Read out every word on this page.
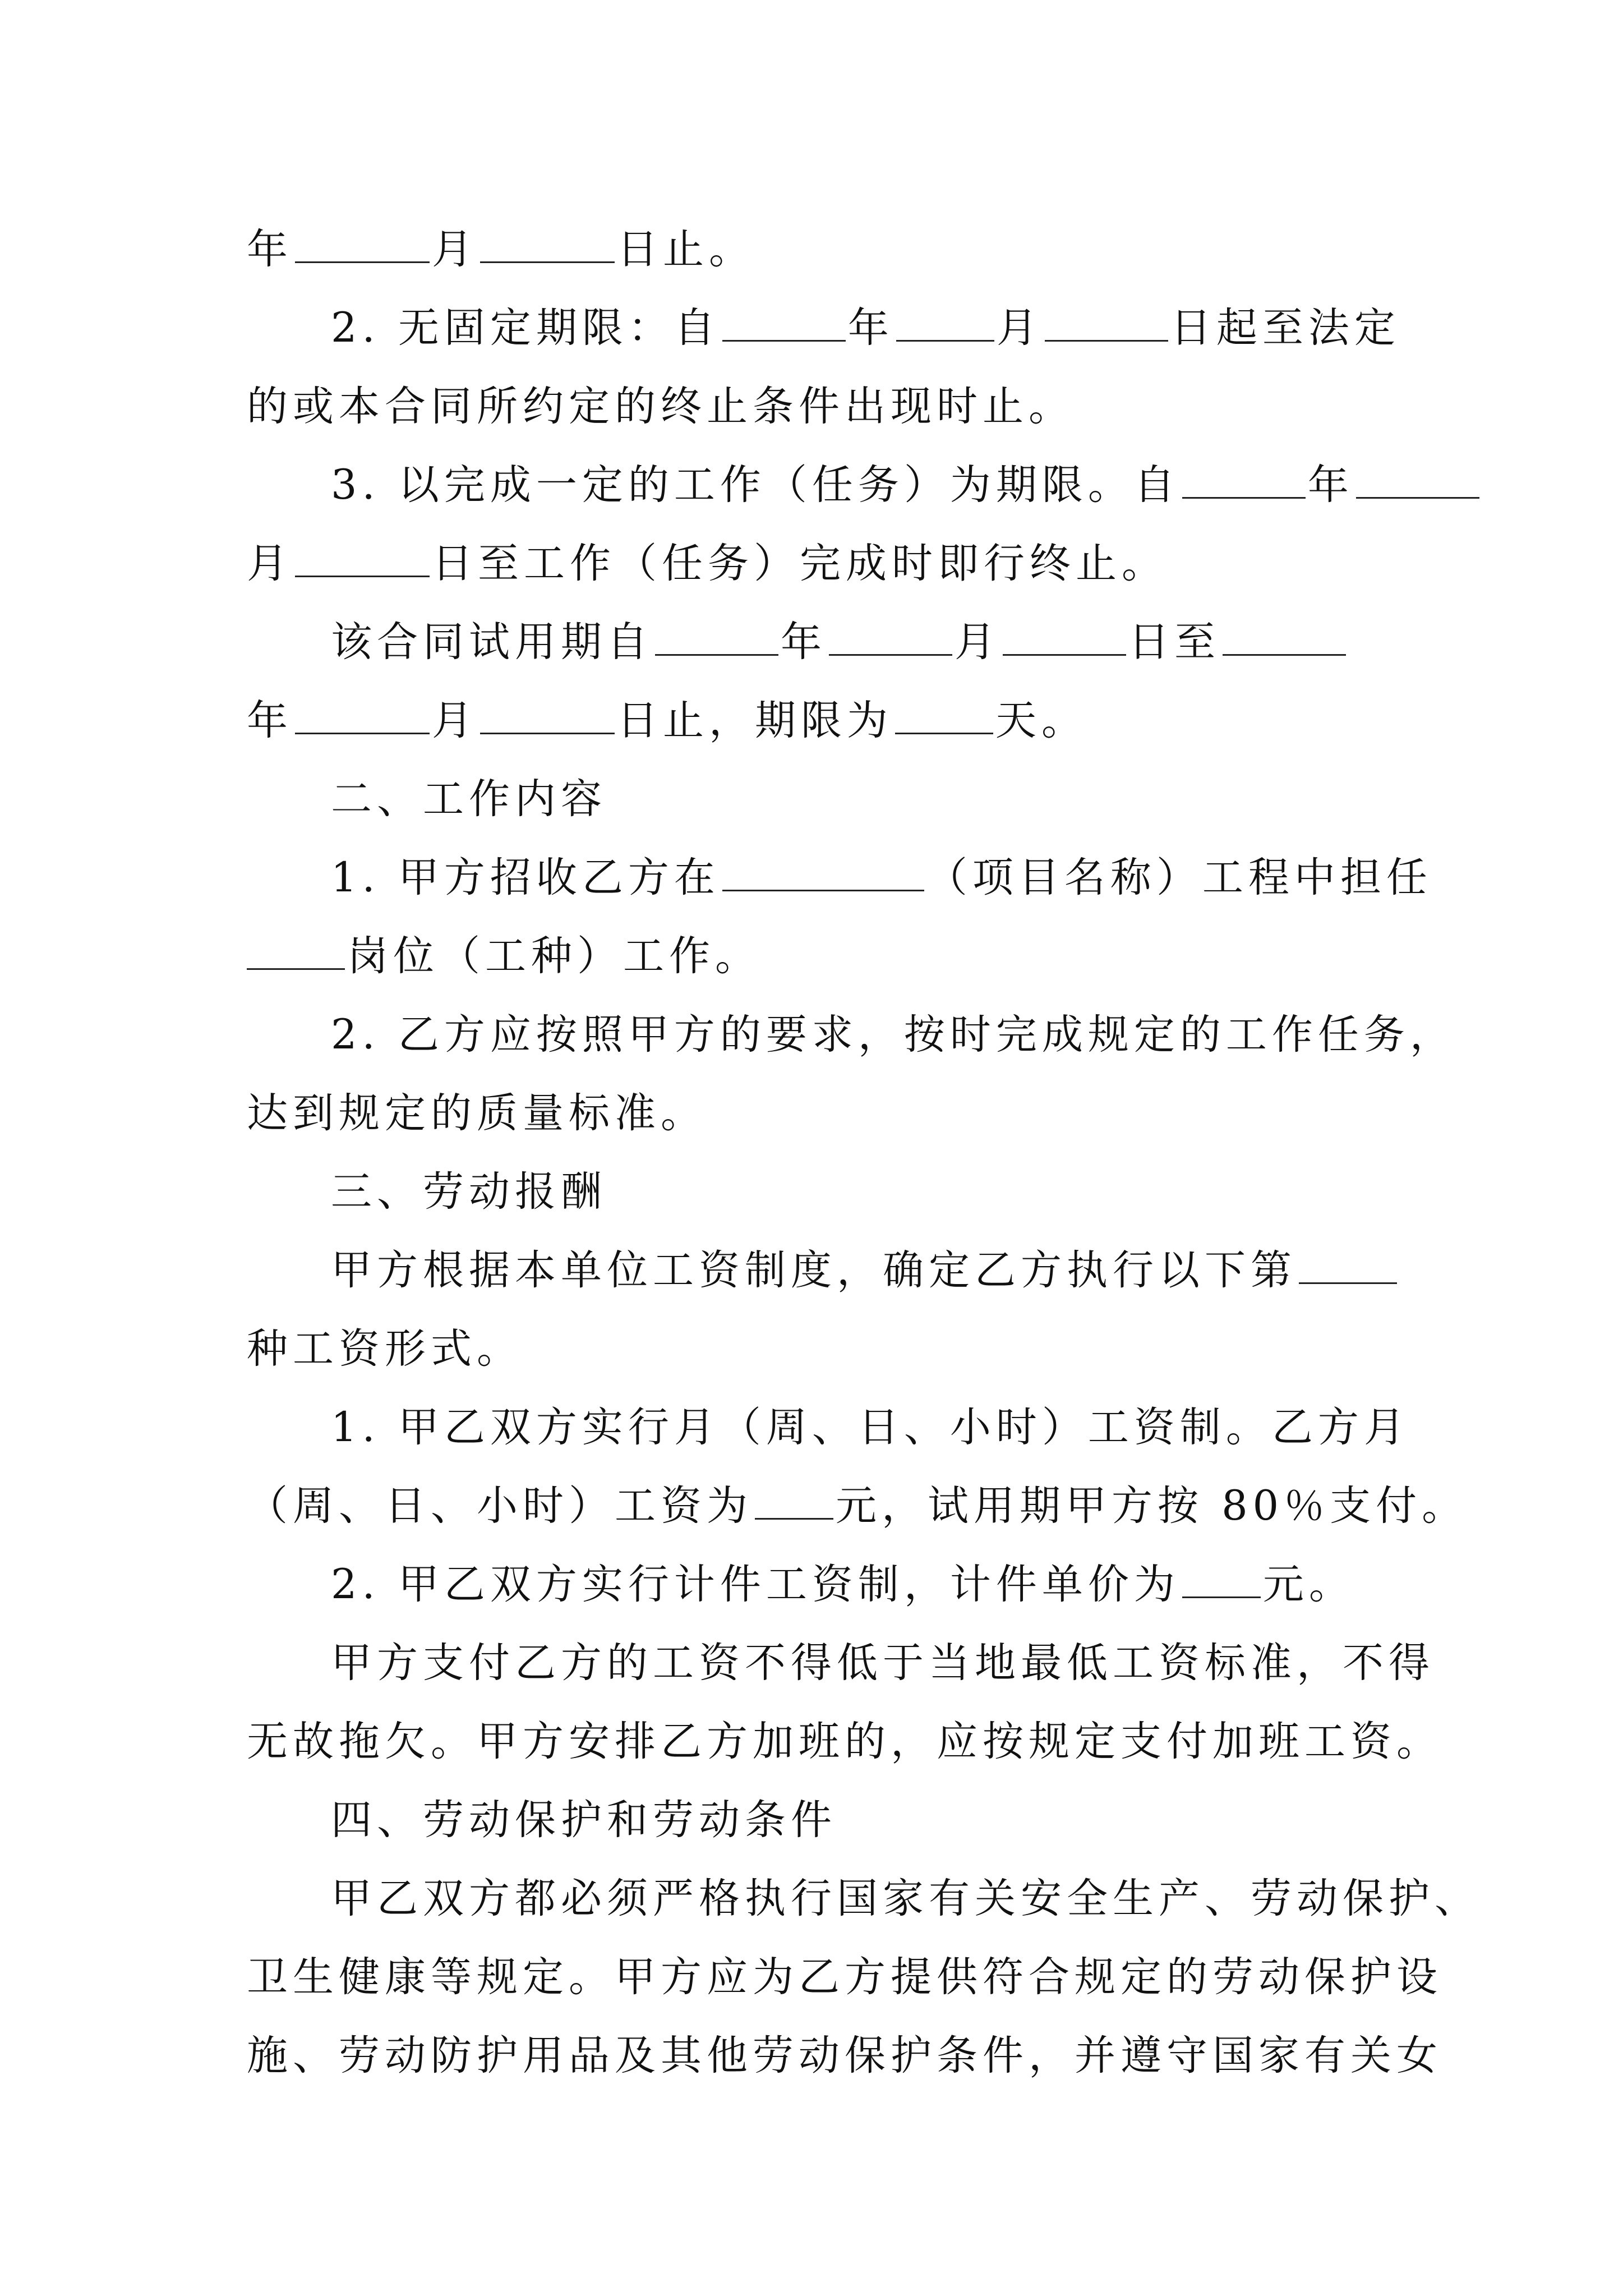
年	月	日止。
2. 无固定期限：自	年	月	日起至法定
的或本合同所约定的终止条件出现时止。
3. 以完成一定的工作（任务）为期限。自	年
月	日至工作（任务）完成时即行终止。
该合同试用期自	年	月	日至
年	月	日止，期限为	天。
二、工作内容
1. 甲方招收乙方在	（项目名称）工程中担任
岗位（工种）工作。
2. 乙方应按照甲方的要求，按时完成规定的工作任务，
达到规定的质量标准。
三、劳动报酬
甲方根据本单位工资制度，确定乙方执行以下第
种工资形式。
1. 甲乙双方实行月（周、日、小时）工资制。乙方月
（周、日、小时）工资为 元，试用期甲方按 80％支付。
2. 甲乙双方实行计件工资制，计件单价为 元。
甲方支付乙方的工资不得低于当地最低工资标准，不得
无故拖欠。甲方安排乙方加班的，应按规定支付加班工资。
四、劳动保护和劳动条件
甲乙双方都必须严格执行国家有关安全生产、劳动保护、
卫生健康等规定。甲方应为乙方提供符合规定的劳动保护设
施、劳动防护用品及其他劳动保护条件，并遵守国家有关女
